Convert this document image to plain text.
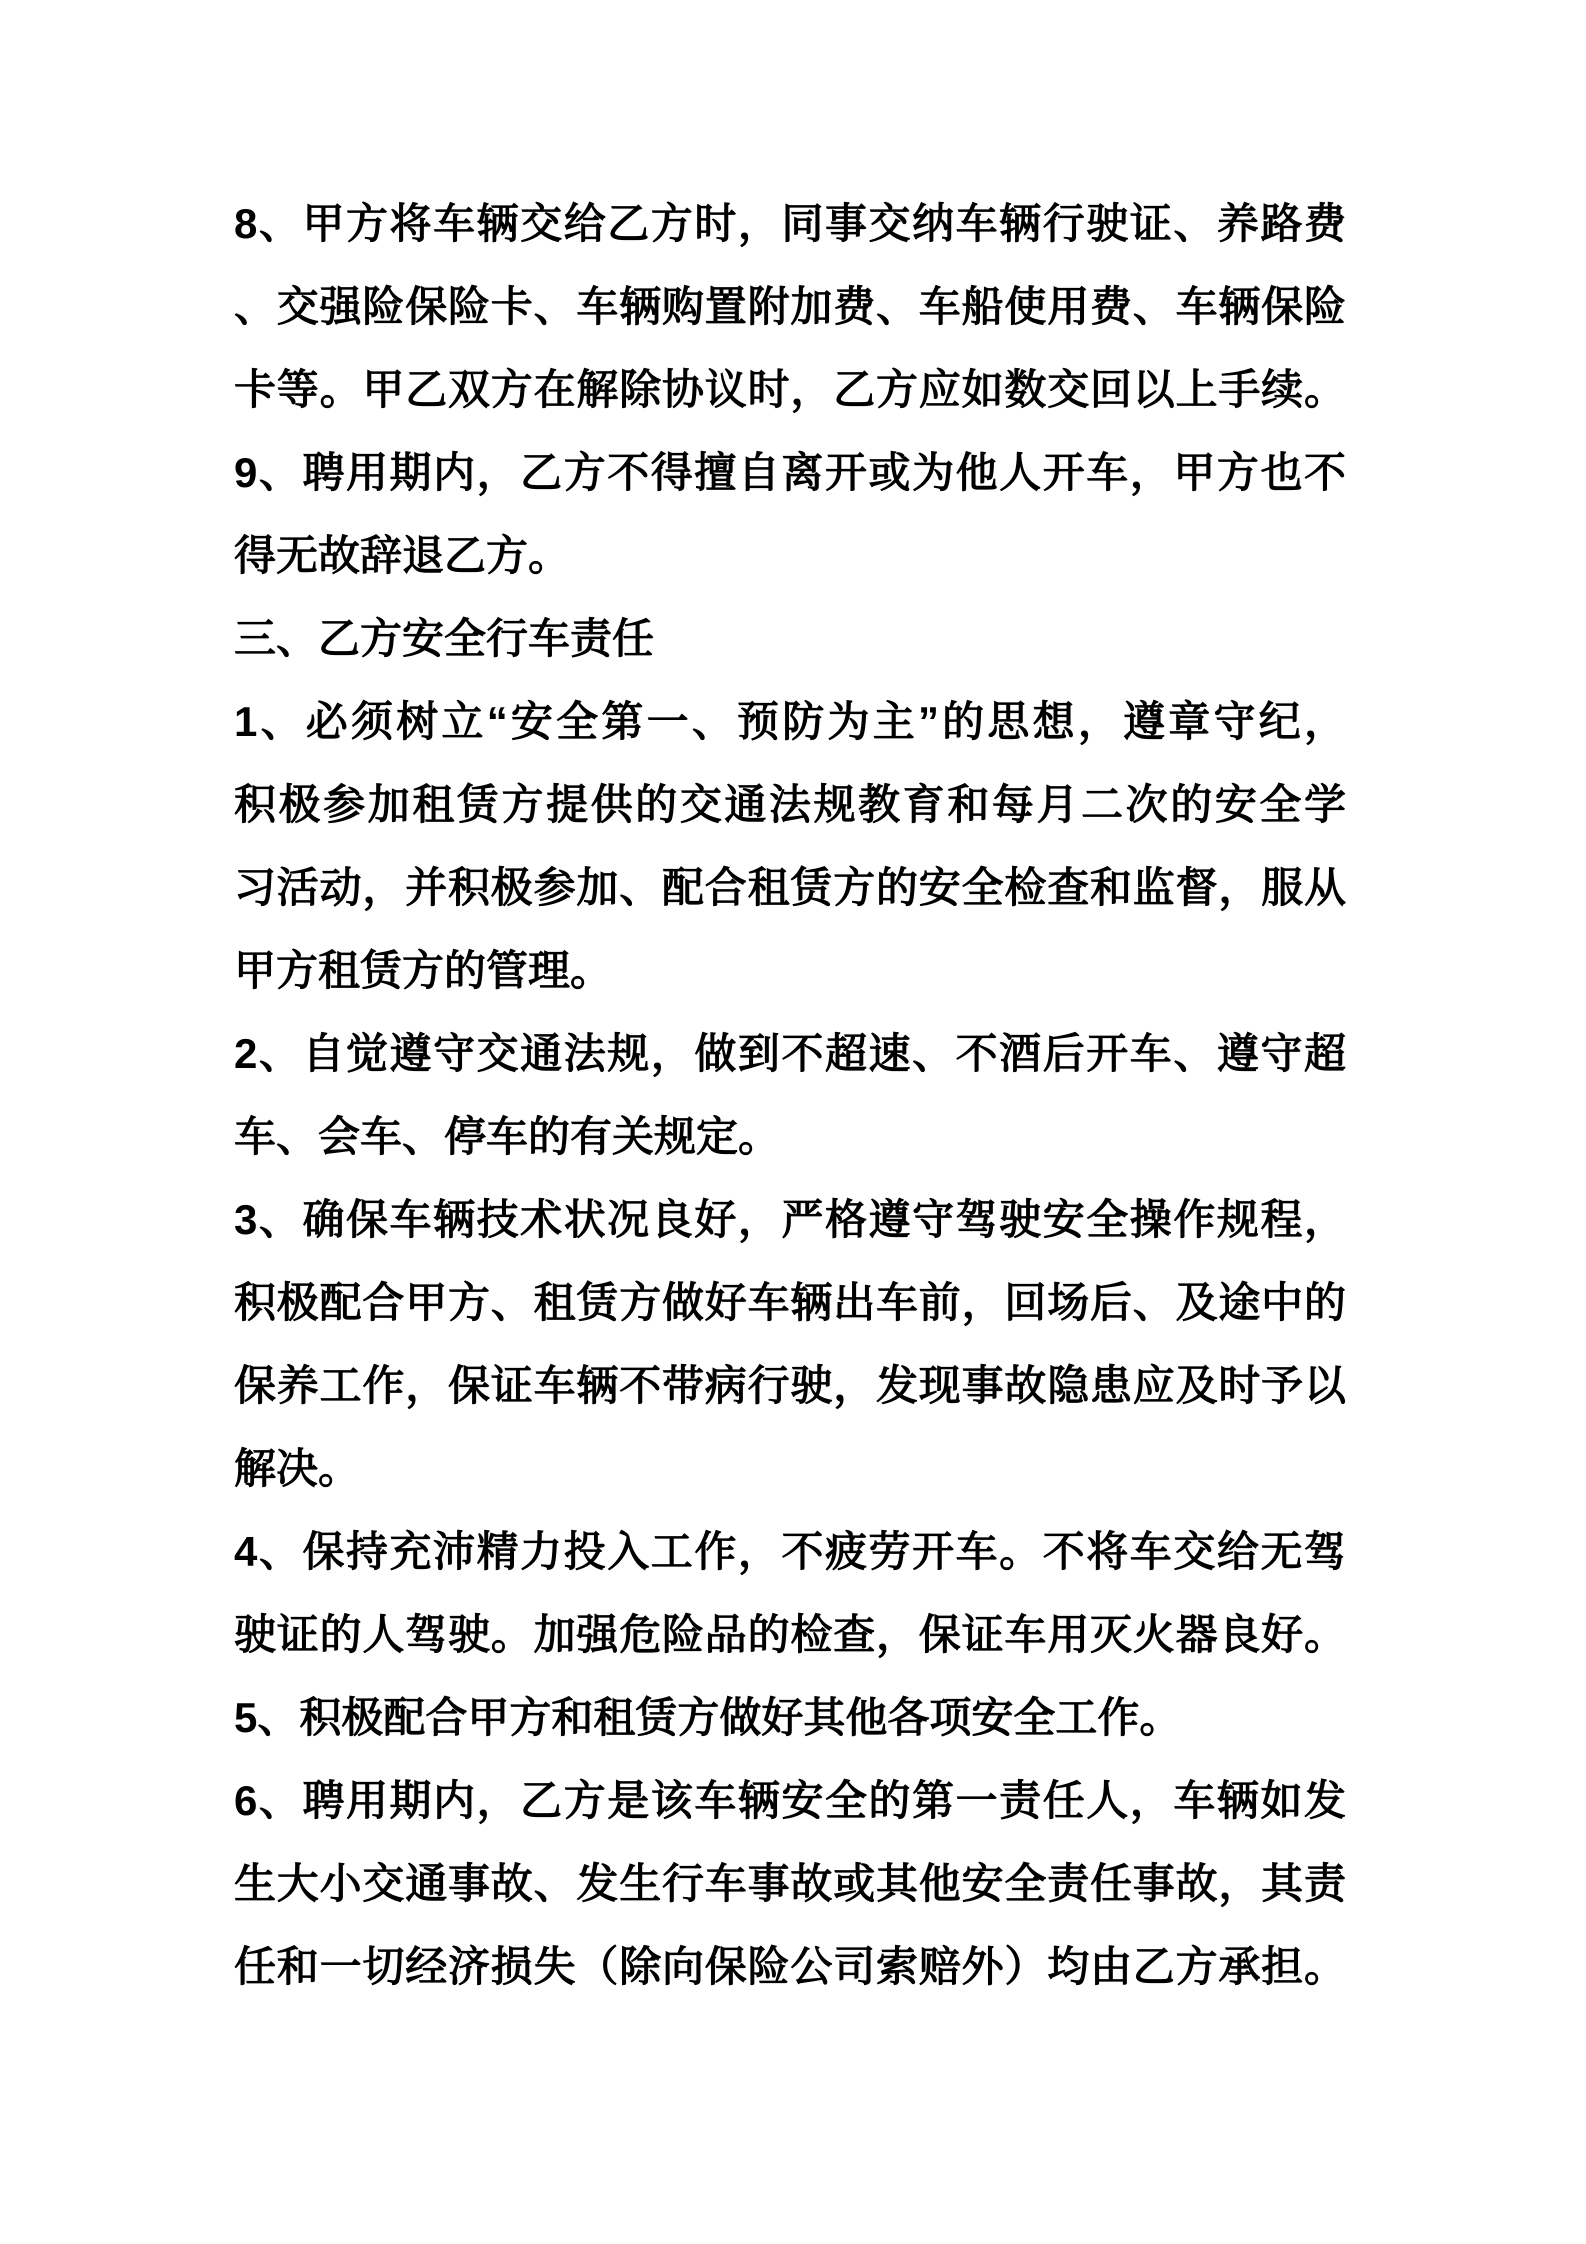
8、甲方将车辆交给乙方时，同事交纳车辆行驶证、养路费
、交强险保险卡、车辆购置附加费、车船使用费、车辆保险
卡等。甲乙双方在解除协议时，乙方应如数交回以上手续。
9、聘用期内，乙方不得擅自离开或为他人开车，甲方也不
得无故辞退乙方。
三、乙方安全行车责任
1、必须树立“安全第一、预防为主”的思想，遵章守纪，
积极参加租赁方提供的交通法规教育和每月二次的安全学
习活动，并积极参加、配合租赁方的安全检查和监督，服从
甲方租赁方的管理。
2、自觉遵守交通法规，做到不超速、不酒后开车、遵守超
车、会车、停车的有关规定。
3、确保车辆技术状况良好，严格遵守驾驶安全操作规程，
积极配合甲方、租赁方做好车辆出车前，回场后、及途中的
保养工作，保证车辆不带病行驶，发现事故隐患应及时予以
解决。
4、保持充沛精力投入工作，不疲劳开车。不将车交给无驾
驶证的人驾驶。加强危险品的检查，保证车用灭火器良好。
5、积极配合甲方和租赁方做好其他各项安全工作。
6、聘用期内，乙方是该车辆安全的第一责任人，车辆如发
生大小交通事故、发生行车事故或其他安全责任事故，其责
任和一切经济损失（除向保险公司索赔外）均由乙方承担。
